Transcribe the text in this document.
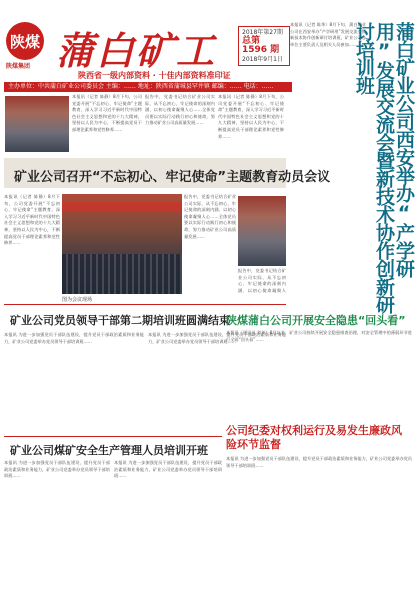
陕煤
陕煤集团 蒲白矿工	2018年第27期
总第 1596 期
2018年9月1日
陕西省一级内部资料 · 十佳内部资料准印证
主办单位：中共蒲白矿业公司委员会 主编：…… 地址：陕西省蒲城县罕井镇 邮编：…… 电话：……
本报讯（记者 陈静）8月下旬，公司党委开展“不忘初心、牢记使命”主题教育，深入学习习近平新时代中国特色社会主义思想和党的十九大精神，坚持以人民为中心，不断提高党员干部理论素养和党性修养……
报告中，党委书记结合矿业公司实际，从不忘初心、牢记使命的深刻内涵、以初心使命凝聚人心……全体党员要以实际行动践行初心和使命，努力推动矿业公司高质量发展……
本报讯（记者 陈静）8月下旬，公司党委开展“不忘初心、牢记使命”主题教育，深入学习习近平新时代中国特色社会主义思想和党的十九大精神，坚持以人民为中心，不断提高党员干部理论素养和党性修养……
本报讯（记者 陈华）8月下旬，蒲白矿业公司在西安举办“产学研用”发展交流会暨新技术协作创新研讨培训班，矿业公司各单位主要负责人及相关人员参加……	蒲白矿业公司西安举办“产学研用”发展交流会暨新技术协作创新研讨培训班
矿业公司召开“不忘初心、牢记使命”主题教育动员会议
本报讯（记者 陈静）8月下旬，公司党委开展“不忘初心、牢记使命”主题教育，深入学习习近平新时代中国特色社会主义思想和党的十九大精神，坚持以人民为中心，不断提高党员干部理论素养和党性修养……
报告中，党委书记结合矿业公司实际，从不忘初心、牢记使命的深刻内涵、以初心使命凝聚人心……全体党员要以实际行动践行初心和使命，努力推动矿业公司高质量发展……
报告中，党委书记结合矿业公司实际，从不忘初心、牢记使命的深刻内涵、以初心使命凝聚人
图为会议现场
矿业公司党员领导干部第二期培训班圆满结束
本报讯 为进一步加强党员干部队伍建设，提升党员干部政治素质和业务能力，矿业公司党委举办党员领导干部培训班……
本报讯 为进一步加强党员干部队伍建设，提升党员干部政治素质和业务能力，矿业公司党委举办党员领导干部培训班……
陕煤蒲白公司开展安全隐患“回头看”
本报讯（通讯员 刘英）8月以来，矿业公司持续开展安全隐患排查治理，对安全管理中的薄弱环节进行全面“回头看”……
公司纪委对权利运行及易发生廉政风险环节监督
本报讯 为进一步加强党员干部队伍建设，提升党员干部政治素质和业务能力，矿业公司党委举办党员领导干部培训班……
矿业公司煤矿安全生产管理人员培训开班
本报讯 为进一步加强党员干部队伍建设，提升党员干部政治素质和业务能力，矿业公司党委举办党员领导干部培训班……
本报讯 为进一步加强党员干部队伍建设，提升党员干部政治素质和业务能力，矿业公司党委举办党员领导干部培训班……
